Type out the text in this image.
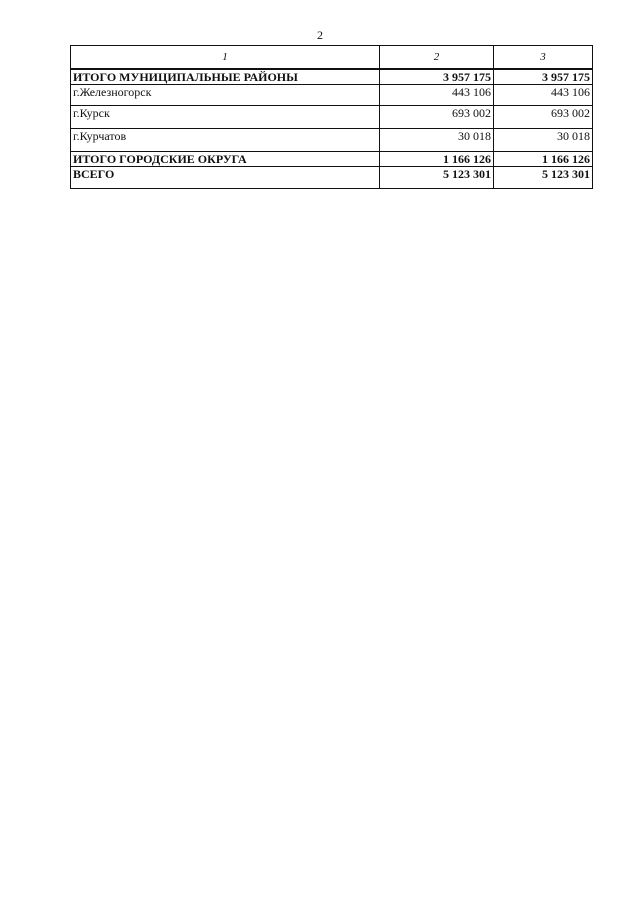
2
1	2	3
ИТОГО МУНИЦИПАЛЬНЫЕ РАЙОНЫ	3 957 175	3 957 175
г.Железногорск	443 106	443 106
г.Курск	693 002	693 002
г.Курчатов	30 018	30 018
ИТОГО ГОРОДСКИЕ ОКРУГА	1 166 126	1 166 126
ВСЕГО	5 123 301	5 123 301
